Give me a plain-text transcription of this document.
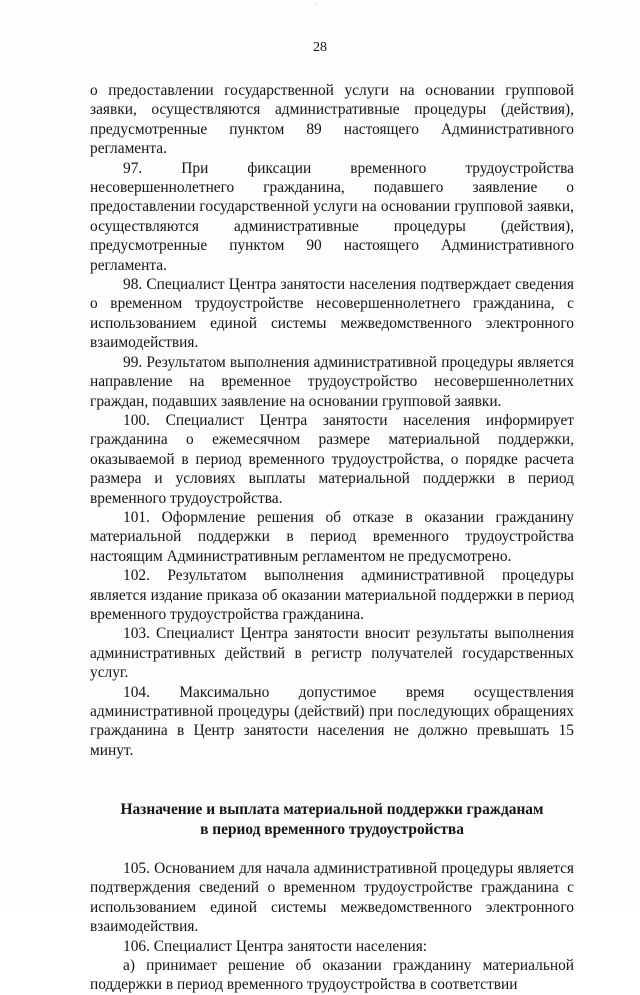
⁘
28

о предоставлении государственной услуги на основании групповой заявки, осуществляются административные процедуры (действия), предусмотренные пунктом 89 настоящего Административного регламента.

97. При фиксации временного трудоустройства несовершеннолетнего гражданина, подавшего заявление о предоставлении государственной услуги на основании групповой заявки, осуществляются административные процедуры (действия), предусмотренные пунктом 90 настоящего Административного регламента.

98. Специалист Центра занятости населения подтверждает сведения о временном трудоустройстве несовершеннолетнего гражданина, с использованием единой системы межведомственного электронного взаимодействия.

99. Результатом выполнения административной процедуры является направление на временное трудоустройство несовершеннолетних граждан, подавших заявление на основании групповой заявки.

100. Специалист Центра занятости населения информирует гражданина о ежемесячном размере материальной поддержки, оказываемой в период временного трудоустройства, о порядке расчета размера и условиях выплаты материальной поддержки в период временного трудоустройства.

101. Оформление решения об отказе в оказании гражданину материальной поддержки в период временного трудоустройства настоящим Административным регламентом не предусмотрено.

102. Результатом выполнения административной процедуры является издание приказа об оказании материальной поддержки в период временного трудоустройства гражданина.

103. Специалист Центра занятости вносит результаты выполнения административных действий в регистр получателей государственных услуг.

104. Максимально допустимое время осуществления административной процедуры (действий) при последующих обращениях гражданина в Центр занятости населения не должно превышать 15 минут.

Назначение и выплата материальной поддержки гражданам
в период временного трудоустройства

105. Основанием для начала административной процедуры является подтверждения сведений о временном трудоустройстве гражданина с использованием единой системы межведомственного электронного взаимодействия.

106. Специалист Центра занятости населения:

а) принимает решение об оказании гражданину материальной поддержки в период временного трудоустройства в соответствии
